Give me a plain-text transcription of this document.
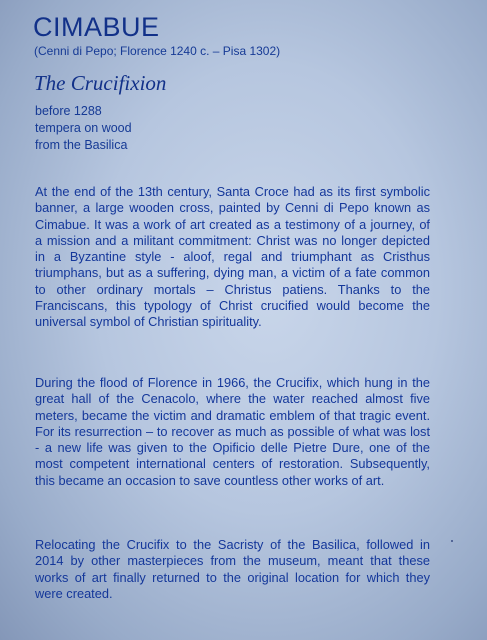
CIMABUE

(Cenni di Pepo; Florence 1240 c. – Pisa 1302)

The Crucifixion
before 1288
tempera on wood
from the Basilica

At the end of the 13th century, Santa Croce had as its first symbolic banner, a large wooden cross, painted by Cenni di Pepo known as Cimabue. It was a work of art created as a testimony of a journey, of a mission and a militant commitment: Christ was no longer depicted in a Byzantine style - aloof, regal and triumphant as Cristhus triumphans, but as a suffering, dying man, a victim of a fate common to other ordinary mortals – Christus patiens. Thanks to the Franciscans, this typology of Christ crucified would become the universal symbol of Christian spirituality.

During the flood of Florence in 1966, the Crucifix, which hung in the great hall of the Cenacolo, where the water reached almost five meters, became the victim and dramatic emblem of that tragic event. For its resurrection – to recover as much as possible of what was lost - a new life was given to the Opificio delle Pietre Dure, one of the most competent international centers of restoration. Subsequently, this became an occasion to save countless other works of art.

Relocating the Crucifix to the Sacristy of the Basilica, followed in 2014 by other masterpieces from the museum, meant that these works of art finally returned to the original location for which they were created.
